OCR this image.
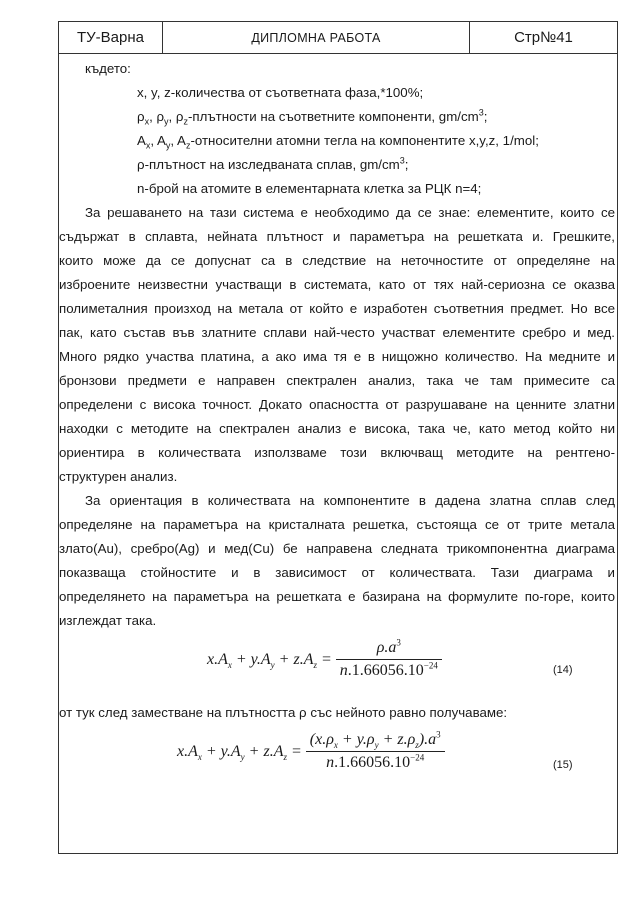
ТУ-Варна	ДИПЛОМНА РАБОТА	Стр№41
където:
x, y, z-количества от съответната фаза,*100%;
$\rho_x$, $\rho_y$, $\rho_z$-плътности на съответните компоненти, $gm/cm^3$;
$A_x$, $A_y$, $A_z$-относителни атомни тегла на компонентите x,y,z, 1/mol;
ρ-плътност на изследваната сплав, $gm/cm^3$;
n-брой на атомите в елементарната клетка за РЦК n=4;
За решаването на тази система е необходимо да се знае: елементите, които се
съдържат в сплавта, нейната плътност и параметъра на решетката и. Грешките,
които може да се допуснат са в следствие на неточностите от определяне на
изброените неизвестни участващи в системата, като от тях най-сериозна се оказва
полиметалния произход на метала от който е изработен съответния предмет. Но все
пак, като състав във златните сплави най-често участват елементите сребро и мед.
Много рядко участва платина, а ако има тя е в нищожно количество. На медните и
бронзови предмети е направен спектрален анализ, така че там примесите са
определени с висока точност. Докато опасността от разрушаване на ценните златни
находки с методите на спектрален анализ е висока, така че, като метод който ни
ориентира в количествата използваме този включващ методите на рентгено-
структурен анализ.
За ориентация в количествата на компонентите в дадена златна сплав след
определяне на параметъра на кристалната решетка, състояща се от трите метала
злато(Au), сребро(Ag) и мед(Cu) бе направена следната трикомпонентна диаграма
показваща стойностите и в зависимост от количествата. Тази диаграма и
определянето на параметъра на решетката е базирана на формулите по-горе, които
изглеждат така.
$x.A_x + y.A_y + z.A_z = \frac{\rho.a^3}{n.1.66056.10^{-24}}$	(14)
от тук след заместване на плътността ρ със нейното равно получаваме:
$x.A_x + y.A_y + z.A_z = \frac{(x.\rho_x + y.\rho_y + z.\rho_z).a^3}{n.1.66056.10^{-24}}$	(15)
